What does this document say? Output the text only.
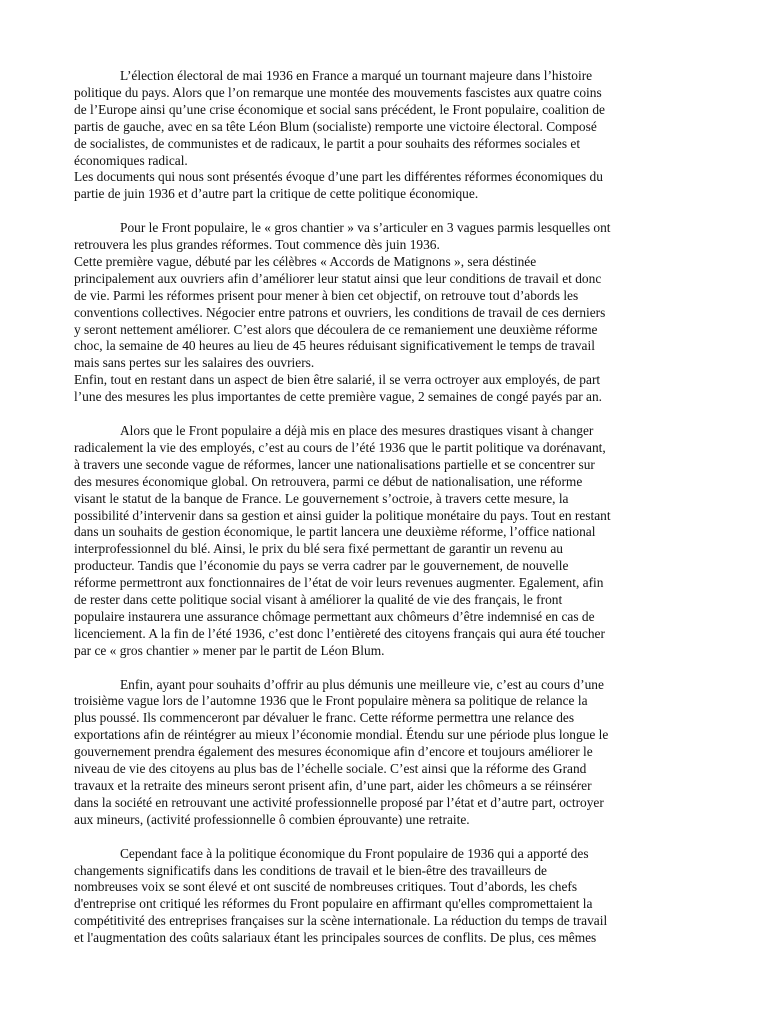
L’élection électoral de mai 1936 en France a marqué un tournant majeure dans l’histoire
politique du pays. Alors que l’on remarque une montée des mouvements fascistes aux quatre coins
de l’Europe ainsi qu’une crise économique et social sans précédent, le Front populaire, coalition de
partis de gauche, avec en sa tête Léon Blum (socialiste) remporte une victoire électoral. Composé
de socialistes, de communistes et de radicaux, le partit a pour souhaits des réformes sociales et
économiques radical.

Les documents qui nous sont présentés évoque d’une part les différentes réformes économiques du
partie de juin 1936 et d’autre part la critique de cette politique économique.

Pour le Front populaire, le « gros chantier » va s’articuler en 3 vagues parmis lesquelles ont
retrouvera les plus grandes réformes. Tout commence dès juin 1936.

Cette première vague, débuté par les célèbres « Accords de Matignons », sera déstinée
principalement aux ouvriers afin d’améliorer leur statut ainsi que leur conditions de travail et donc
de vie. Parmi les réformes prisent pour mener à bien cet objectif, on retrouve tout d’abords les
conventions collectives. Négocier entre patrons et ouvriers, les conditions de travail de ces derniers
y seront nettement améliorer. C’est alors que découlera de ce remaniement une deuxième réforme
choc, la semaine de 40 heures au lieu de 45 heures réduisant significativement le temps de travail
mais sans pertes sur les salaires des ouvriers.

Enfin, tout en restant dans un aspect de bien être salarié, il se verra octroyer aux employés, de part
l’une des mesures les plus importantes de cette première vague, 2 semaines de congé payés par an.

Alors que le Front populaire a déjà mis en place des mesures drastiques visant à changer
radicalement la vie des employés, c’est au cours de l’été 1936 que le partit politique va dorénavant,
à travers une seconde vague de réformes, lancer une nationalisations partielle et se concentrer sur
des mesures économique global. On retrouvera, parmi ce début de nationalisation, une réforme
visant le statut de la banque de France. Le gouvernement s’octroie, à travers cette mesure, la
possibilité d’intervenir dans sa gestion et ainsi guider la politique monétaire du pays. Tout en restant
dans un souhaits de gestion économique, le partit lancera une deuxième réforme, l’office national
interprofessionnel du blé. Ainsi, le prix du blé sera fixé permettant de garantir un revenu au
producteur. Tandis que l’économie du pays se verra cadrer par le gouvernement, de nouvelle
réforme permettront aux fonctionnaires de l’état de voir leurs revenues augmenter. Egalement, afin
de rester dans cette politique social visant à améliorer la qualité de vie des français, le front
populaire instaurera une assurance chômage permettant aux chômeurs d’être indemnisé en cas de
licenciement. A la fin de l’été 1936, c’est donc l’entièreté des citoyens français qui aura été toucher
par ce « gros chantier » mener par le partit de Léon Blum.

Enfin, ayant pour souhaits d’offrir au plus démunis une meilleure vie, c’est au cours d’une
troisième vague lors de l’automne 1936 que le Front populaire mènera sa politique de relance la
plus poussé. Ils commenceront par dévaluer le franc. Cette réforme permettra une relance des
exportations afin de réintégrer au mieux l’économie mondial. Étendu sur une période plus longue le
gouvernement prendra également des mesures économique afin d’encore et toujours améliorer le
niveau de vie des citoyens au plus bas de l’échelle sociale. C’est ainsi que la réforme des Grand
travaux et la retraite des mineurs seront prisent afin, d’une part, aider les chômeurs a se réinsérer
dans la société en retrouvant une activité professionnelle proposé par l’état et d’autre part, octroyer
aux mineurs, (activité professionnelle ô combien éprouvante) une retraite.

Cependant face à la politique économique du Front populaire de 1936 qui a apporté des
changements significatifs dans les conditions de travail et le bien-être des travailleurs de
nombreuses voix se sont élevé et ont suscité de nombreuses critiques. Tout d’abords, les chefs
d'entreprise ont critiqué les réformes du Front populaire en affirmant qu'elles compromettaient la
compétitivité des entreprises françaises sur la scène internationale. La réduction du temps de travail
et l'augmentation des coûts salariaux étant les principales sources de conflits. De plus, ces mêmes
